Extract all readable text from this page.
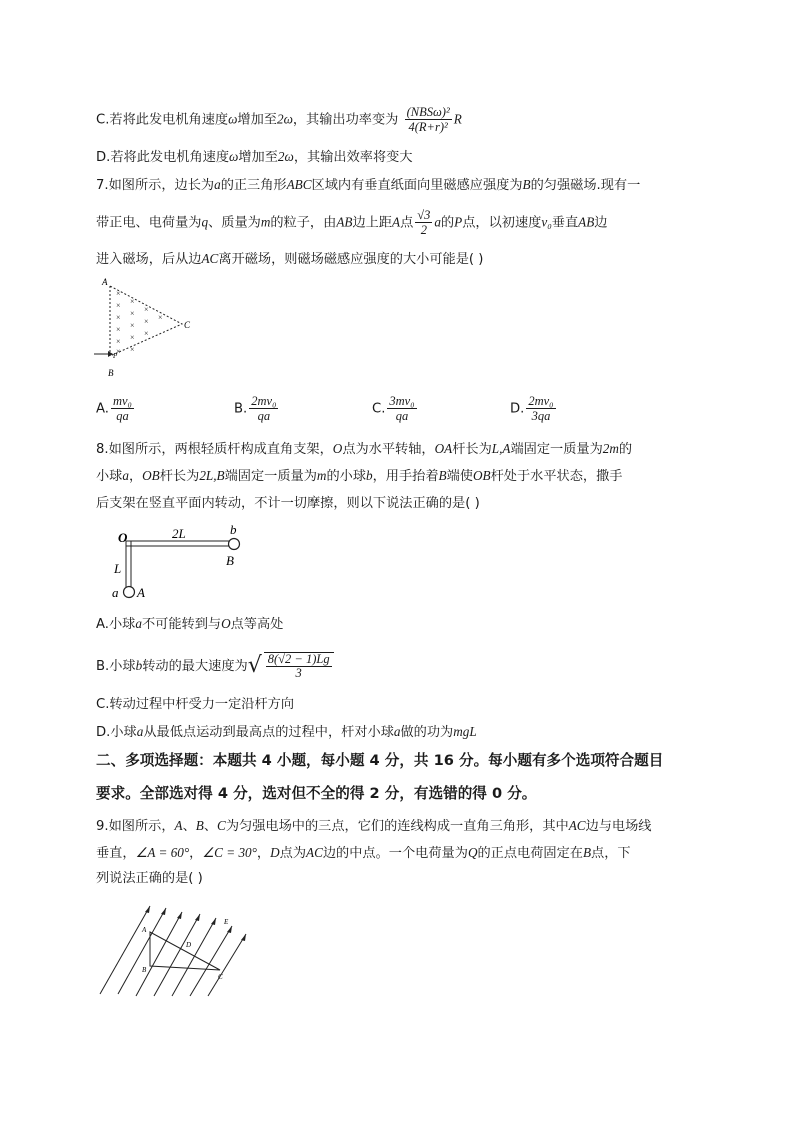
C.若将此发电机角速度ω增加至2ω，其输出功率变为 $\frac{\text{(NBSω)²}}{\text{4(R+r)²}}$ R
D.若将此发电机角速度ω增加至2ω，其输出效率将变大
7.如图所示，边长为a的正三角形ABC区域内有垂直纸面向里磁感应强度为B的匀强磁场.现有一
带正电、电荷量为q、质量为m的粒子，由AB边上距A点 $\frac{√3}{2}$ a的P点，以初速度v₀垂直AB边
进入磁场，后从边AC离开磁场，则磁场磁感应强度的大小可能是( )
×
× ×
× × ×
× × × ×
× × ×
×
×
A
C
B
P
A. $\frac{\text{mv₀}}{qa}$	B. $\frac{\text{2mv₀}}{qa}$	C. $\frac{\text{3mv₀}}{qa}$	D. $\frac{\text{2mv₀}}{3qa}$
8.如图所示，两根轻质杆构成直角支架，O点为水平转轴，OA杆长为L,A端固定一质量为2m的
小球a，OB杆长为2L,B端固定一质量为m的小球b，用手抬着B端使OB杆处于水平状态，撒手
后支架在竖直平面内转动，不计一切摩擦，则以下说法正确的是( )
O	2L	b
B
L
a A
A.小球a不可能转到与O点等高处
B.小球b转动的最大速度为√ $\frac{8(√2 - 1)Lg}{3}$
C.转动过程中杆受力一定沿杆方向
D.小球a从最低点运动到最高点的过程中，杆对小球a做的功为mgL
二、多项选择题：本题共 4 小题，每小题 4 分，共 16 分。每小题有多个选项符合题目
要求。全部选对得 4 分，选对但不全的得 2 分，有选错的得 0 分。
9.如图所示，A、B、C为匀强电场中的三点，它们的连线构成一直角三角形，其中AC边与电场线
垂直，∠A = 60°，∠C = 30°，D点为AC边的中点。一个电荷量为Q的正点电荷固定在B点，下
列说法正确的是( )
A
B
C
D
E
